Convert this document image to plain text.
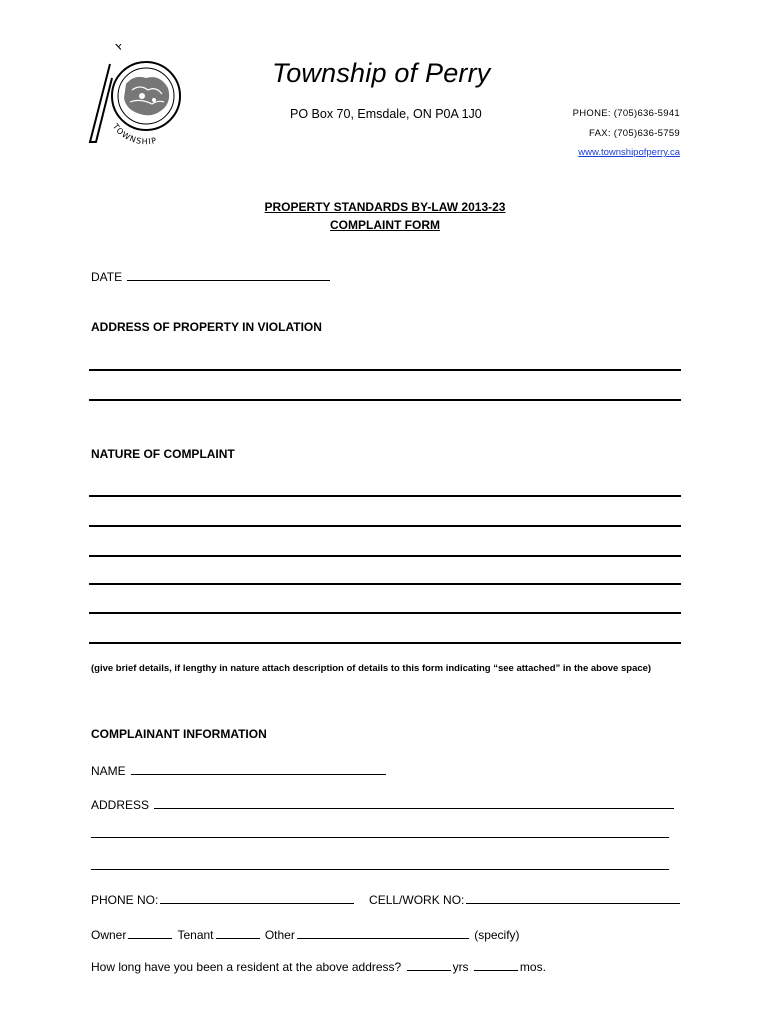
P
TOWNSHIP
Township of Perry
PO Box 70, Emsdale, ON P0A 1J0	PHONE: (705)636-5941
FAX: (705)636-5759
www.townshipofperry.ca
PROPERTY STANDARDS BY-LAW 2013-23
COMPLAINT FORM
DATE
ADDRESS OF PROPERTY IN VIOLATION
NATURE OF COMPLAINT
(give brief details, if lengthy in nature attach description of details to this form indicating “see attached” in the above space)
COMPLAINANT INFORMATION
NAME
ADDRESS
PHONE NO:	CELL/WORK NO:
Owner	Tenant	Other	(specify)
How long have you been a resident at the above address?	yrs	mos.
